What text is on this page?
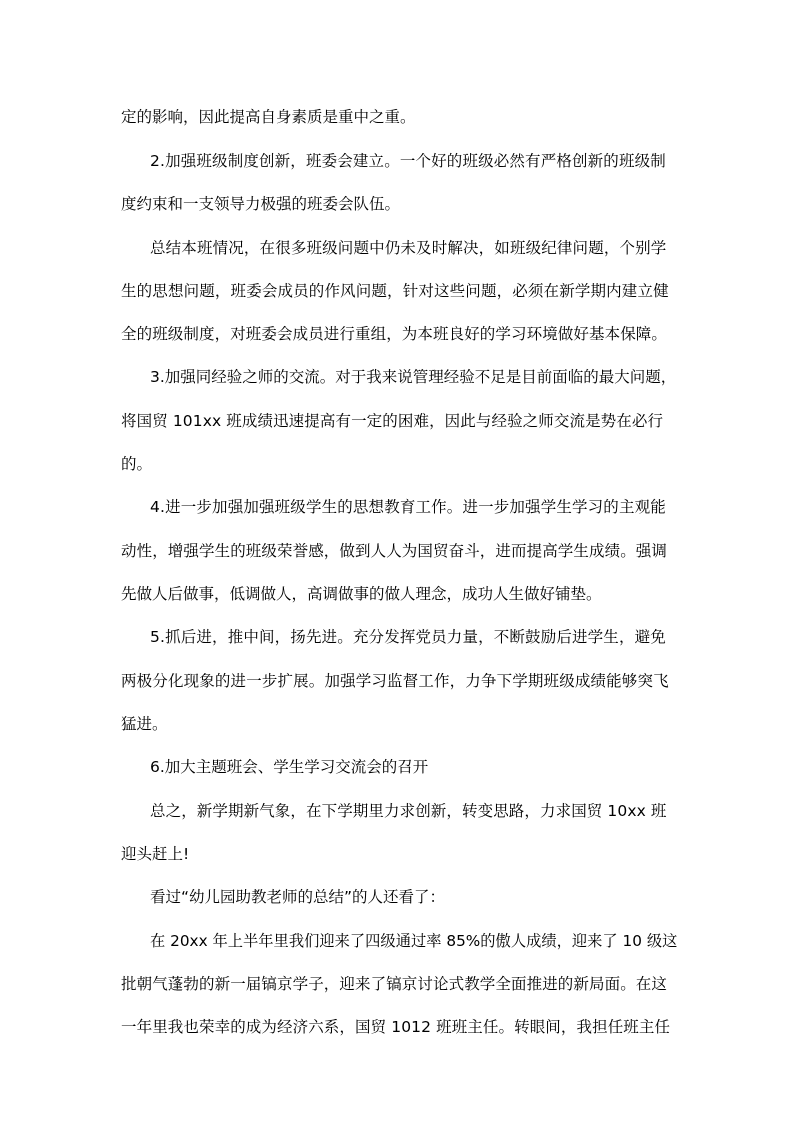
定的影响，因此提高自身素质是重中之重。
2.加强班级制度创新，班委会建立。一个好的班级必然有严格创新的班级制
度约束和一支领导力极强的班委会队伍。
总结本班情况，在很多班级问题中仍未及时解决，如班级纪律问题，个别学
生的思想问题，班委会成员的作风问题，针对这些问题，必须在新学期内建立健
全的班级制度，对班委会成员进行重组，为本班良好的学习环境做好基本保障。
3.加强同经验之师的交流。对于我来说管理经验不足是目前面临的最大问题，
将国贸 101xx 班成绩迅速提高有一定的困难，因此与经验之师交流是势在必行
的。
4.进一步加强加强班级学生的思想教育工作。进一步加强学生学习的主观能
动性，增强学生的班级荣誉感，做到人人为国贸奋斗，进而提高学生成绩。强调
先做人后做事，低调做人，高调做事的做人理念，成功人生做好铺垫。
5.抓后进，推中间，扬先进。充分发挥党员力量，不断鼓励后进学生，避免
两极分化现象的进一步扩展。加强学习监督工作，力争下学期班级成绩能够突飞
猛进。
6.加大主题班会、学生学习交流会的召开
总之，新学期新气象，在下学期里力求创新，转变思路，力求国贸 10xx 班
迎头赶上!
看过“幼儿园助教老师的总结”的人还看了：
在 20xx 年上半年里我们迎来了四级通过率 85%的傲人成绩，迎来了 10 级这
批朝气蓬勃的新一届镐京学子，迎来了镐京讨论式教学全面推进的新局面。在这
一年里我也荣幸的成为经济六系，国贸 1012 班班主任。转眼间，我担任班主任
